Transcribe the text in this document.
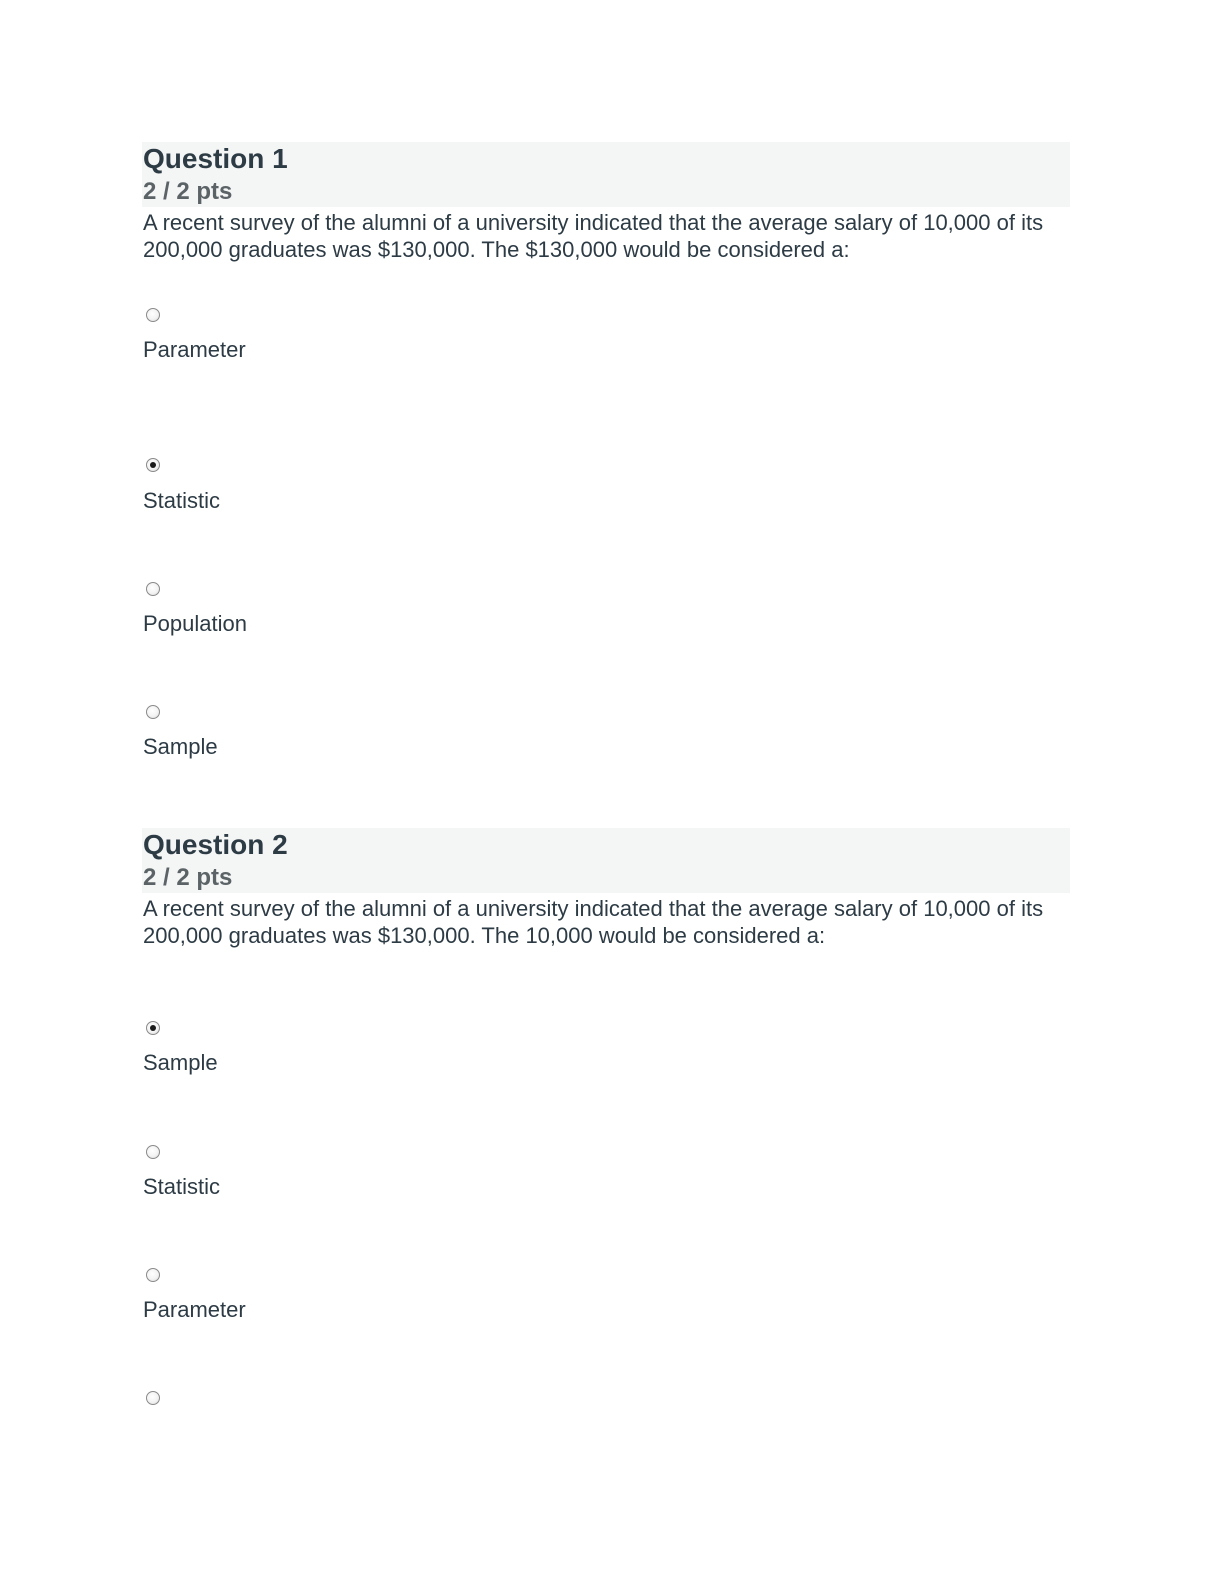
Question 1
2 / 2 pts
A recent survey of the alumni of a university indicated that the average salary of 10,000 of its 200,000 graduates was $130,000. The $130,000 would be considered a:
Parameter
Statistic
Population
Sample
Question 2
2 / 2 pts
A recent survey of the alumni of a university indicated that the average salary of 10,000 of its 200,000 graduates was $130,000. The 10,000 would be considered a:
Sample
Statistic
Parameter
